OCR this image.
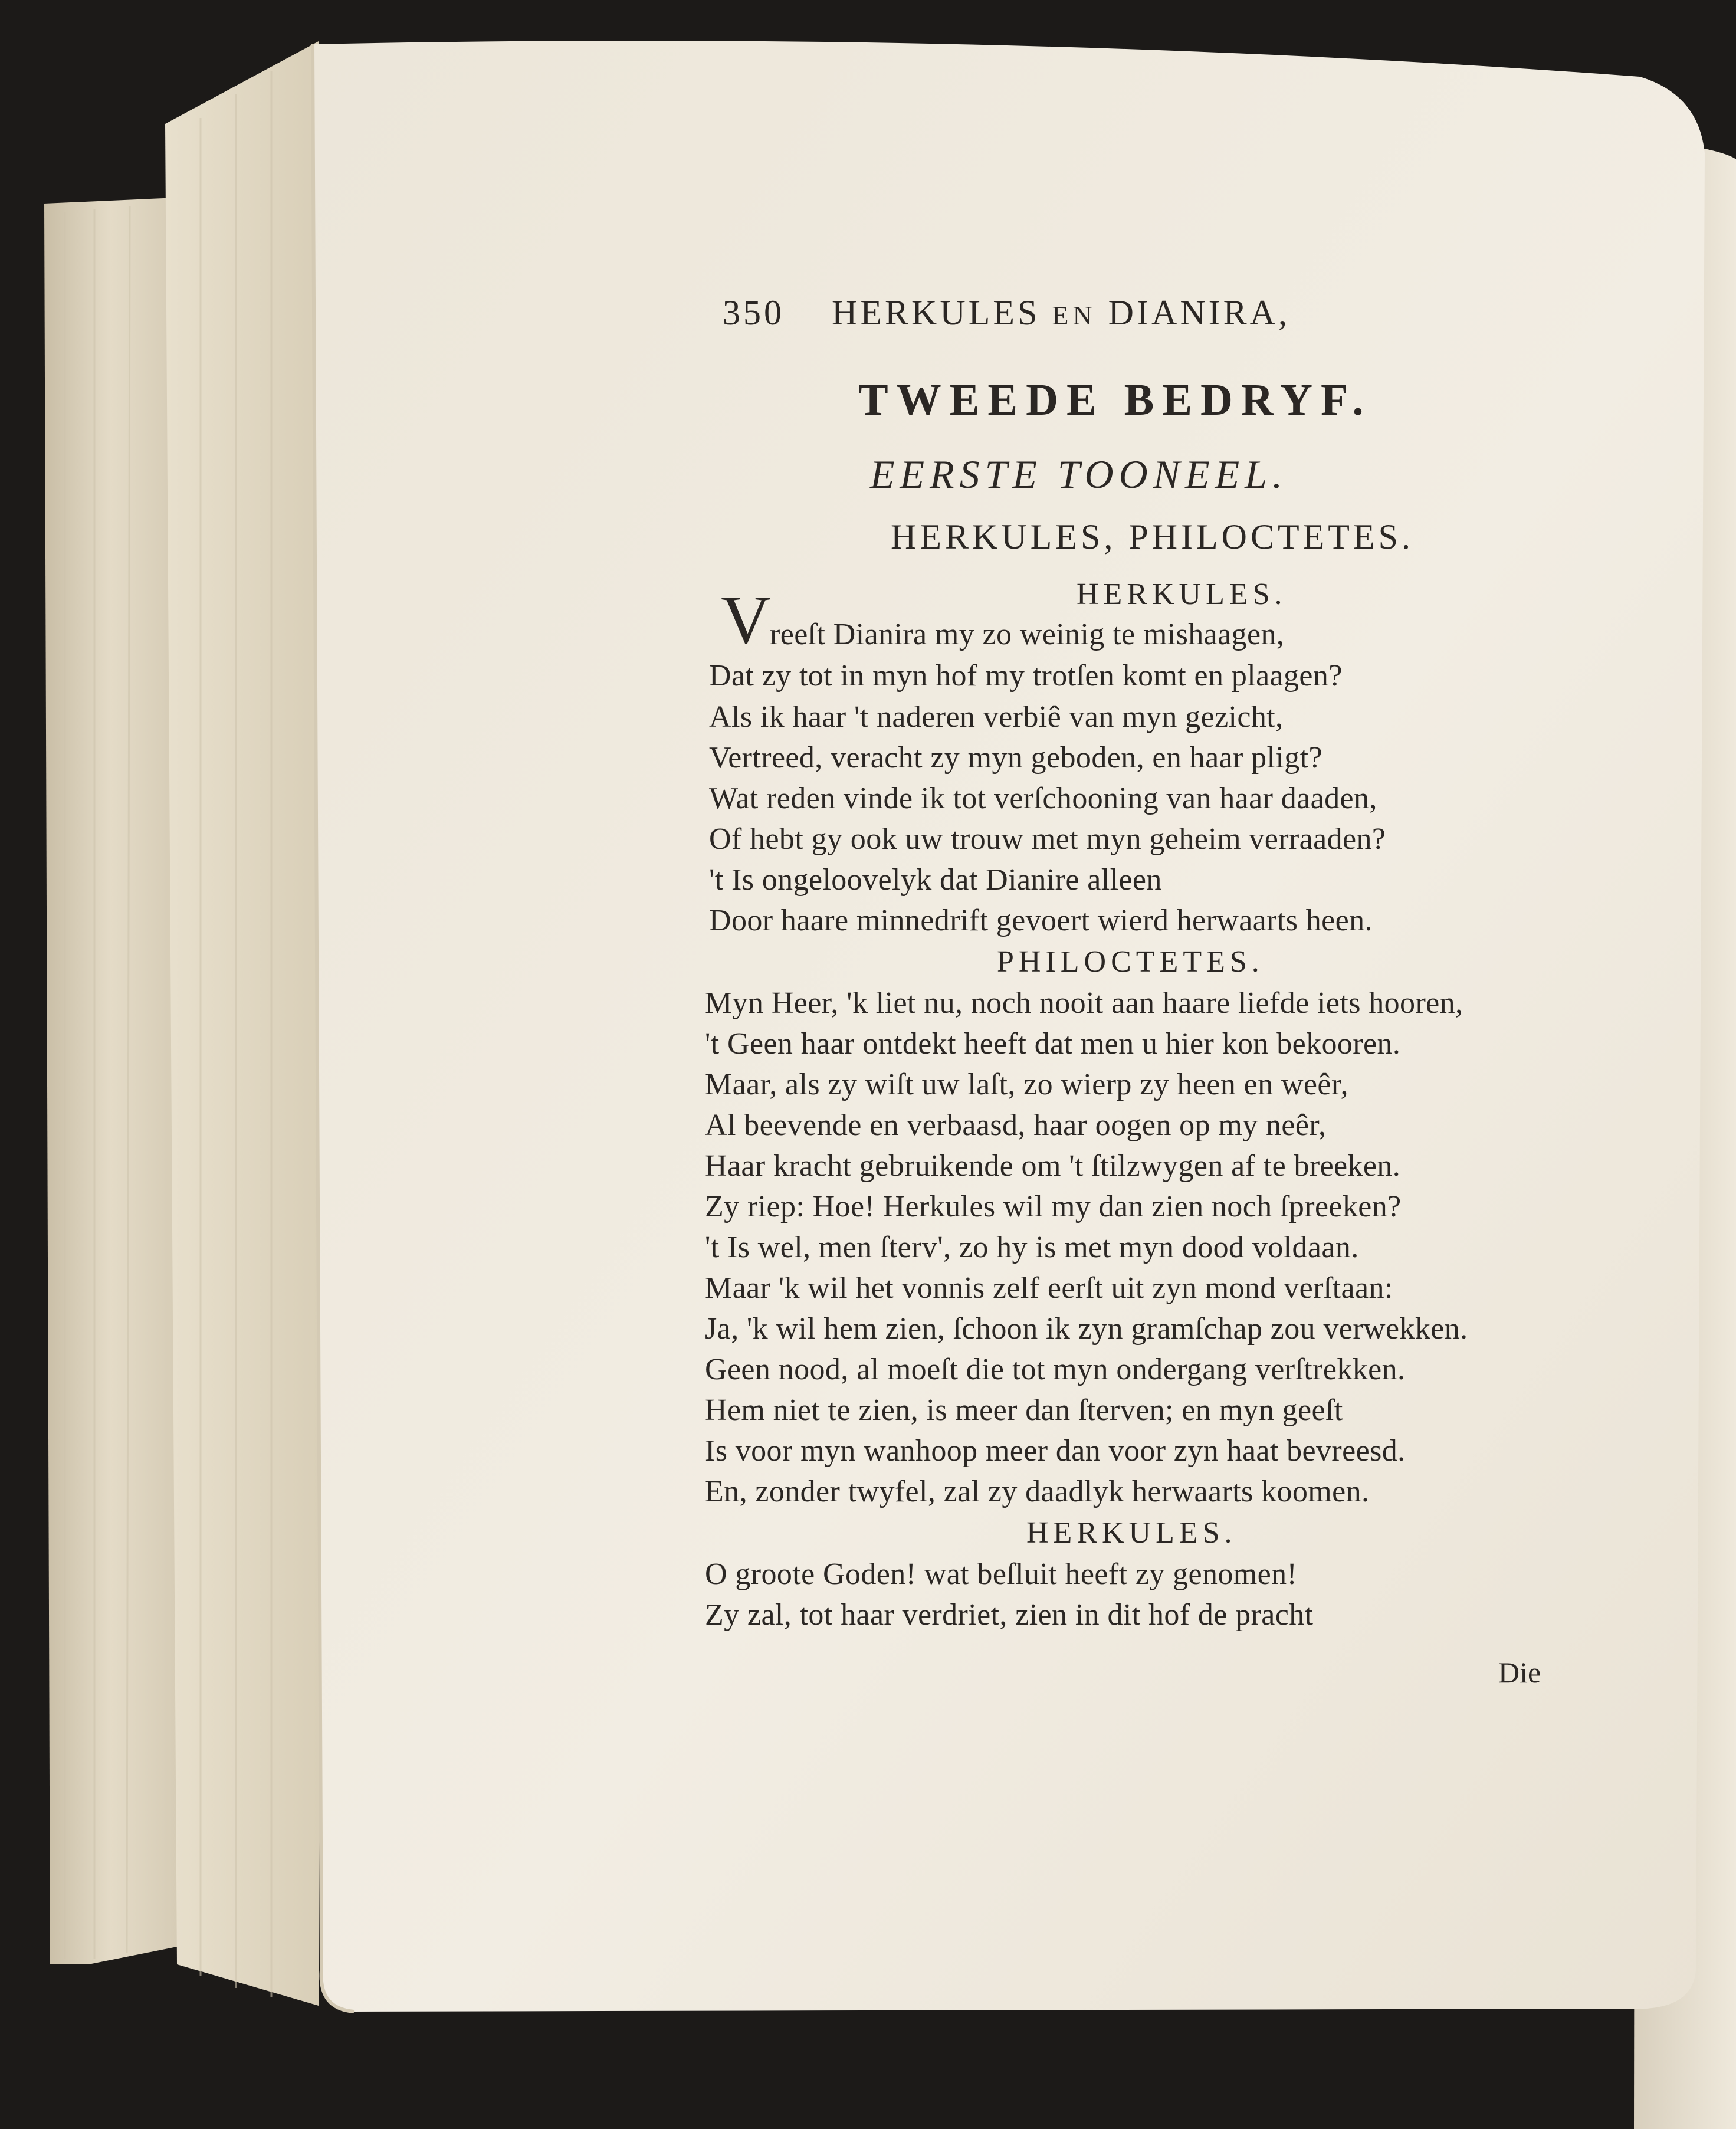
350 HERKULES EN DIANIRA,
TWEEDE BEDRYF.
EERSTE TOONEEL.
HERKULES, PHILOCTETES.
HERKULES.
V
reeſt Dianira my zo weinig te mishaagen,
Dat zy tot in myn hof my trotſen komt en plaagen?
Als ik haar 't naderen verbiê van myn gezicht,
Vertreed, veracht zy myn geboden, en haar pligt?
Wat reden vinde ik tot verſchooning van haar daaden,
Of hebt gy ook uw trouw met myn geheim verraaden?
't Is ongeloovelyk dat Dianire alleen
Door haare minnedrift gevoert wierd herwaarts heen.
PHILOCTETES.
Myn Heer, 'k liet nu, noch nooit aan haare liefde iets hooren,
't Geen haar ontdekt heeft dat men u hier kon bekooren.
Maar, als zy wiſt uw laſt, zo wierp zy heen en weêr,
Al beevende en verbaasd, haar oogen op my neêr,
Haar kracht gebruikende om 't ſtilzwygen af te breeken.
Zy riep: Hoe! Herkules wil my dan zien noch ſpreeken?
't Is wel, men ſterv', zo hy is met myn dood voldaan.
Maar 'k wil het vonnis zelf eerſt uit zyn mond verſtaan:
Ja, 'k wil hem zien, ſchoon ik zyn gramſchap zou verwekken.
Geen nood, al moeſt die tot myn ondergang verſtrekken.
Hem niet te zien, is meer dan ſterven; en myn geeſt
Is voor myn wanhoop meer dan voor zyn haat bevreesd.
En, zonder twyfel, zal zy daadlyk herwaarts koomen.
HERKULES.
O groote Goden! wat beſluit heeft zy genomen!
Zy zal, tot haar verdriet, zien in dit hof de pracht
Die
